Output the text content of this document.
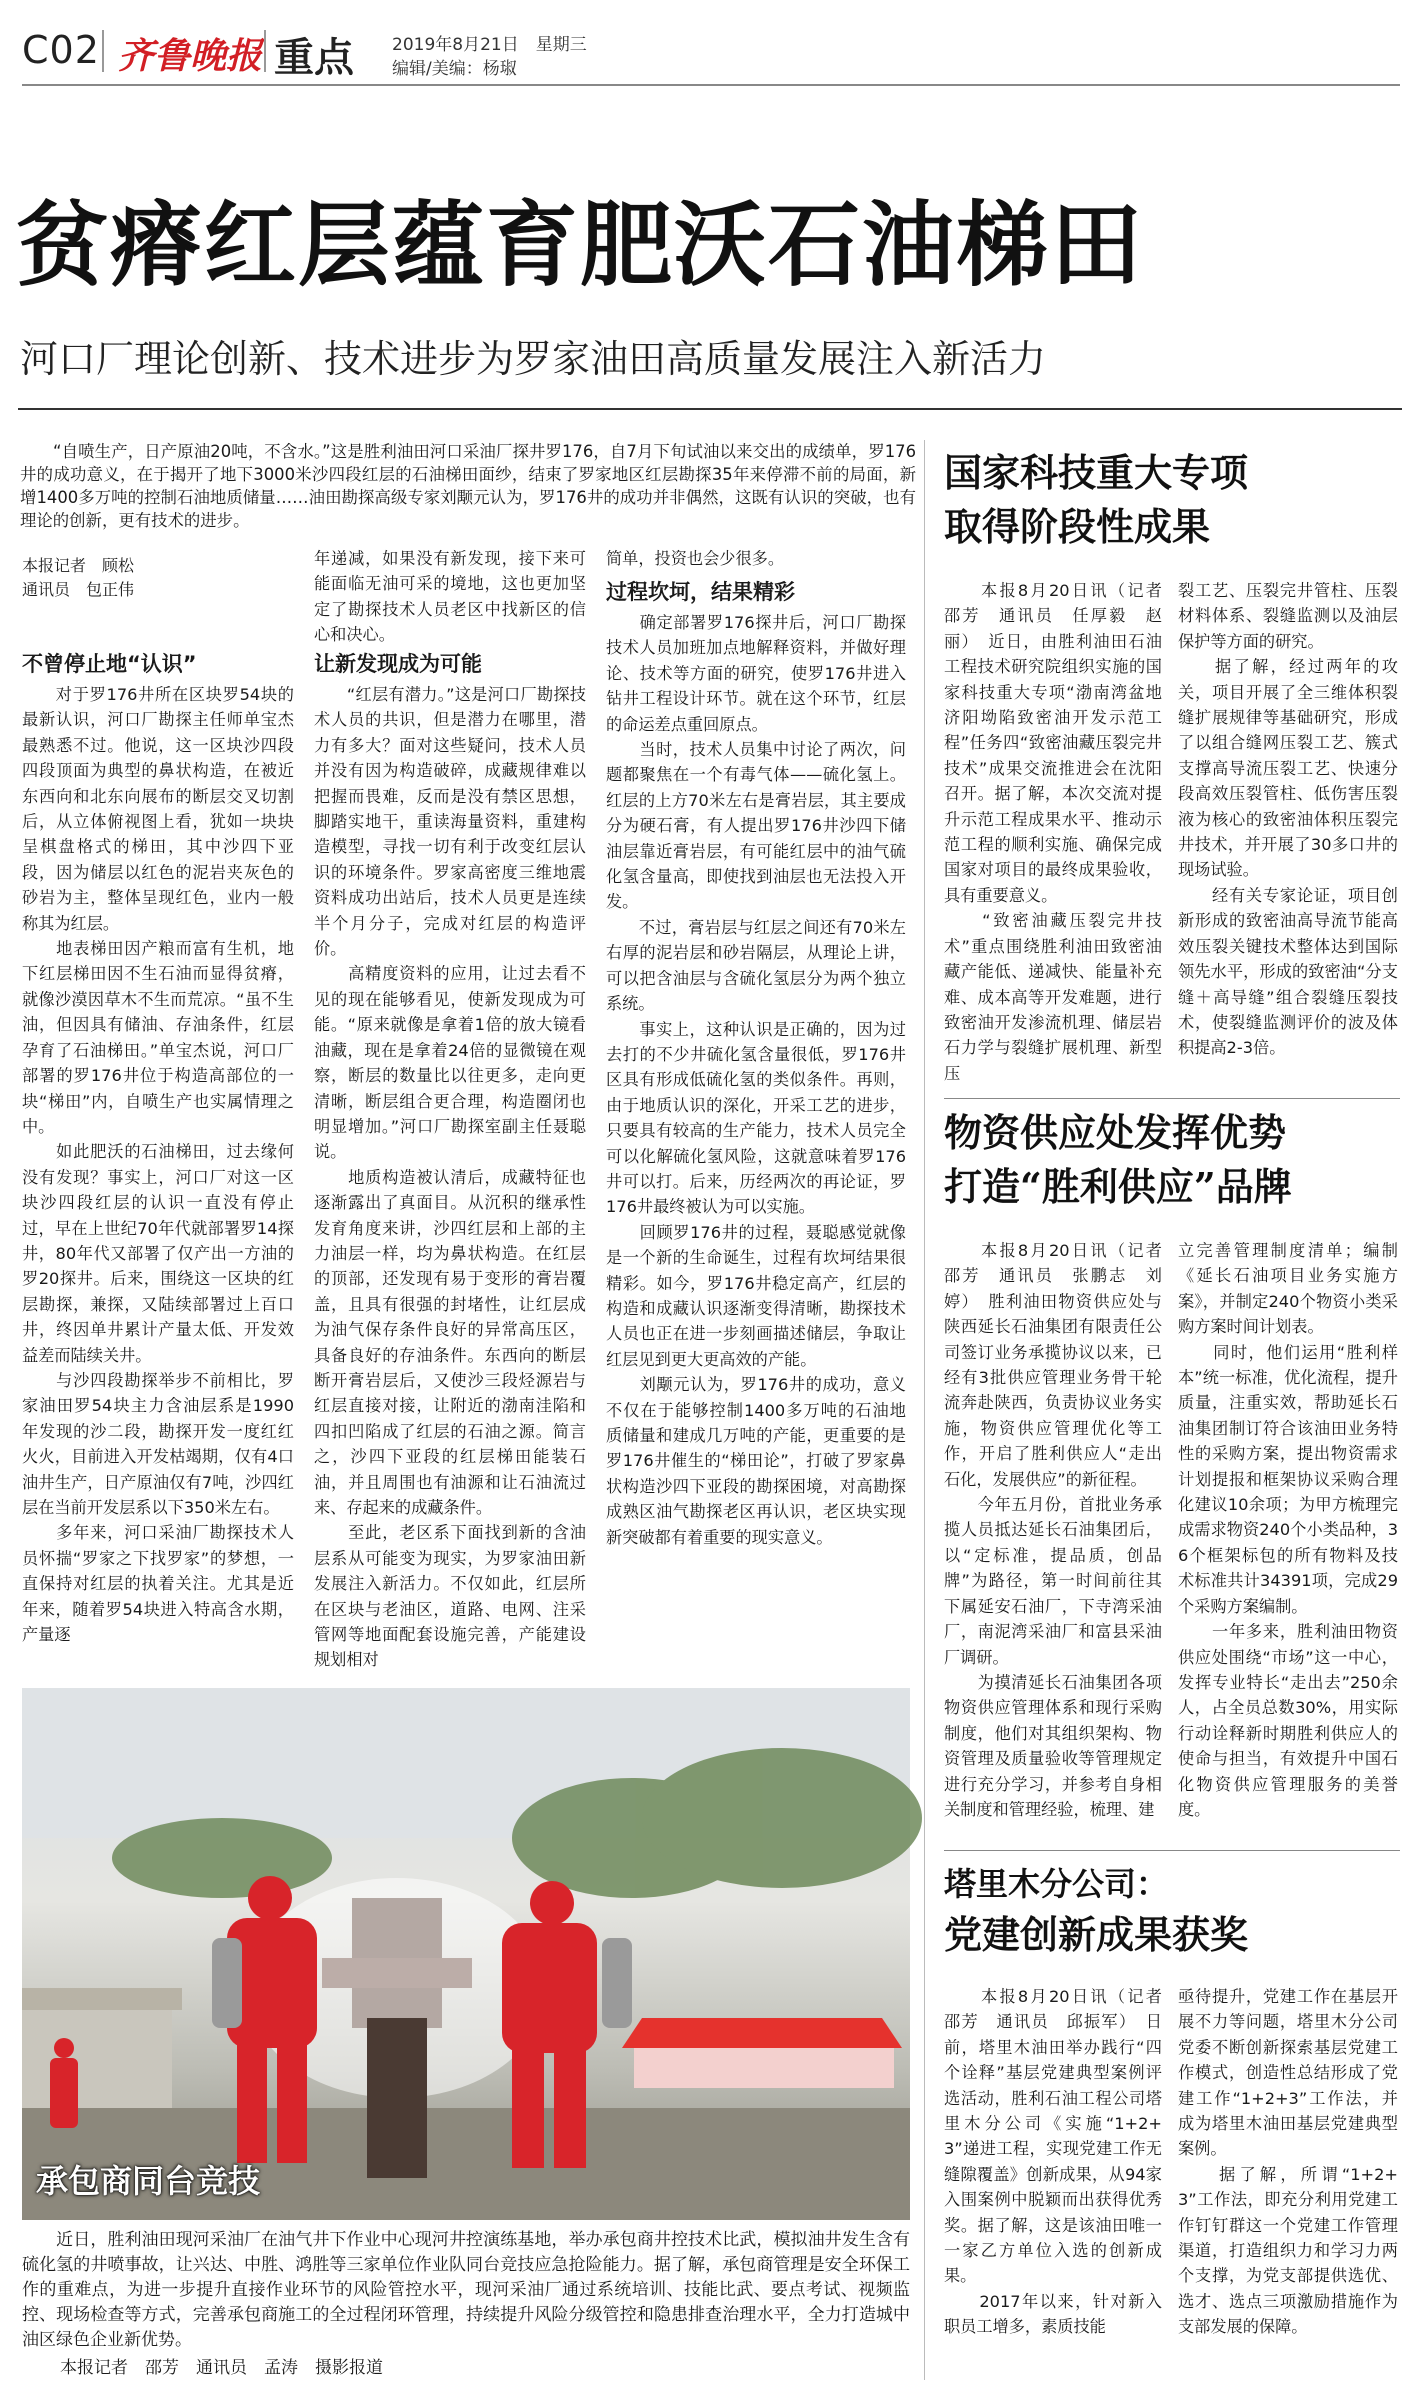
C02 齐鲁晚报 重点 2019年8月21日　星期三
编辑/美编：杨琡
贫瘠红层蕴育肥沃石油梯田
河口厂理论创新、技术进步为罗家油田高质量发展注入新活力
　　“自喷生产，日产原油20吨，不含水。”这是胜利油田河口采油厂探井罗176，自7月下旬试油以来交出的成绩单，罗176井的成功意义，在于揭开了地下3000米沙四段红层的石油梯田面纱，结束了罗家地区红层勘探35年来停滞不前的局面，新增1400多万吨的控制石油地质储量……油田勘探高级专家刘颙元认为，罗176井的成功并非偶然，这既有认识的突破，也有理论的创新，更有技术的进步。
本报记者　顾松
通讯员　包正伟
不曾停止地“认识”
　　对于罗176井所在区块罗54块的最新认识，河口厂勘探主任师单宝杰最熟悉不过。他说，这一区块沙四段四段顶面为典型的鼻状构造，在被近东西向和北东向展布的断层交叉切割后，从立体俯视图上看，犹如一块块呈棋盘格式的梯田，其中沙四下亚段，因为储层以红色的泥岩夹灰色的砂岩为主，整体呈现红色，业内一般称其为红层。
　　地表梯田因产粮而富有生机，地下红层梯田因不生石油而显得贫瘠，就像沙漠因草木不生而荒凉。“虽不生油，但因具有储油、存油条件，红层孕育了石油梯田。”单宝杰说，河口厂部署的罗176井位于构造高部位的一块“梯田”内，自喷生产也实属情理之中。
　　如此肥沃的石油梯田，过去缘何没有发现？事实上，河口厂对这一区块沙四段红层的认识一直没有停止过，早在上世纪70年代就部署罗14探井，80年代又部署了仅产出一方油的罗20探井。后来，围绕这一区块的红层勘探，兼探，又陆续部署过上百口井，终因单井累计产量太低、开发效益差而陆续关井。
　　与沙四段勘探举步不前相比，罗家油田罗54块主力含油层系是1990年发现的沙二段，勘探开发一度红红火火，目前进入开发枯竭期，仅有4口油井生产，日产原油仅有7吨，沙四红层在当前开发层系以下350米左右。
　　多年来，河口采油厂勘探技术人员怀揣“罗家之下找罗家”的梦想，一直保持对红层的执着关注。尤其是近年来，随着罗54块进入特高含水期，产量逐
年递减，如果没有新发现，接下来可能面临无油可采的境地，这也更加坚定了勘探技术人员老区中找新区的信心和决心。
让新发现成为可能
　　“红层有潜力。”这是河口厂勘探技术人员的共识，但是潜力在哪里，潜力有多大？面对这些疑问，技术人员并没有因为构造破碎，成藏规律难以把握而畏难，反而是没有禁区思想，脚踏实地干，重读海量资料，重建构造模型，寻找一切有利于改变红层认识的环境条件。罗家高密度三维地震资料成功出站后，技术人员更是连续半个月分子，完成对红层的构造评价。
　　高精度资料的应用，让过去看不见的现在能够看见，使新发现成为可能。“原来就像是拿着1倍的放大镜看油藏，现在是拿着24倍的显微镜在观察，断层的数量比以往更多，走向更清晰，断层组合更合理，构造圈闭也明显增加。”河口厂勘探室副主任聂聪说。
　　地质构造被认清后，成藏特征也逐渐露出了真面目。从沉积的继承性发育角度来讲，沙四红层和上部的主力油层一样，均为鼻状构造。在红层的顶部，还发现有易于变形的膏岩覆盖，且具有很强的封堵性，让红层成为油气保存条件良好的异常高压区，具备良好的存油条件。东西向的断层断开膏岩层后，又使沙三段烃源岩与红层直接对接，让附近的渤南洼陷和四扣凹陷成了红层的石油之源。简言之，沙四下亚段的红层梯田能装石油，并且周围也有油源和让石油流过来、存起来的成藏条件。
　　至此，老区系下面找到新的含油层系从可能变为现实，为罗家油田新发展注入新活力。不仅如此，红层所在区块与老油区，道路、电网、注采管网等地面配套设施完善，产能建设规划相对
简单，投资也会少很多。
过程坎坷，结果精彩
　　确定部署罗176探井后，河口厂勘探技术人员加班加点地解释资料，并做好理论、技术等方面的研究，使罗176井进入钻井工程设计环节。就在这个环节，红层的命运差点重回原点。
　　当时，技术人员集中讨论了两次，问题都聚焦在一个有毒气体——硫化氢上。红层的上方70米左右是膏岩层，其主要成分为硬石膏，有人提出罗176井沙四下储油层靠近膏岩层，有可能红层中的油气硫化氢含量高，即使找到油层也无法投入开发。
　　不过，膏岩层与红层之间还有70米左右厚的泥岩层和砂岩隔层，从理论上讲，可以把含油层与含硫化氢层分为两个独立系统。
　　事实上，这种认识是正确的，因为过去打的不少井硫化氢含量很低，罗176井区具有形成低硫化氢的类似条件。再则，由于地质认识的深化，开采工艺的进步，只要具有较高的生产能力，技术人员完全可以化解硫化氢风险，这就意味着罗176井可以打。后来，历经两次的再论证，罗176井最终被认为可以实施。
　　回顾罗176井的过程，聂聪感觉就像是一个新的生命诞生，过程有坎坷结果很精彩。如今，罗176井稳定高产，红层的构造和成藏认识逐渐变得清晰，勘探技术人员也正在进一步刻画描述储层，争取让红层见到更大更高效的产能。
　　刘颙元认为，罗176井的成功，意义不仅在于能够控制1400多万吨的石油地质储量和建成几万吨的产能，更重要的是罗176井催生的“梯田论”，打破了罗家鼻状构造沙四下亚段的勘探困境，对高勘探成熟区油气勘探老区再认识，老区块实现新突破都有着重要的现实意义。
承包商同台竞技
　　近日，胜利油田现河采油厂在油气井下作业中心现河井控演练基地，举办承包商井控技术比武，模拟油井发生含有硫化氢的井喷事故，让兴达、中胜、鸿胜等三家单位作业队同台竞技应急抢险能力。据了解，承包商管理是安全环保工作的重难点，为进一步提升直接作业环节的风险管控水平，现河采油厂通过系统培训、技能比武、要点考试、视频监控、现场检查等方式，完善承包商施工的全过程闭环管理，持续提升风险分级管控和隐患排查治理水平，全力打造城中油区绿色企业新优势。
本报记者　邵芳　通讯员　孟涛　摄影报道
国家科技重大专项
取得阶段性成果
　　本报8月20日讯（记者　邵芳　通讯员　任厚毅　赵丽）　近日，由胜利油田石油工程技术研究院组织实施的国家科技重大专项“渤南湾盆地济阳坳陷致密油开发示范工程”任务四“致密油藏压裂完井技术”成果交流推进会在沈阳召开。据了解，本次交流对提升示范工程成果水平、推动示范工程的顺利实施、确保完成国家对项目的最终成果验收，具有重要意义。
　　“致密油藏压裂完井技术”重点围绕胜利油田致密油藏产能低、递减快、能量补充难、成本高等开发难题，进行致密油开发渗流机理、储层岩石力学与裂缝扩展机理、新型压
裂工艺、压裂完井管柱、压裂材料体系、裂缝监测以及油层保护等方面的研究。
　　据了解，经过两年的攻关，项目开展了全三维体积裂缝扩展规律等基础研究，形成了以组合缝网压裂工艺、簇式支撑高导流压裂工艺、快速分段高效压裂管柱、低伤害压裂液为核心的致密油体积压裂完井技术，并开展了30多口井的现场试验。
　　经有关专家论证，项目创新形成的致密油高导流节能高效压裂关键技术整体达到国际领先水平，形成的致密油“分支缝＋高导缝”组合裂缝压裂技术，使裂缝监测评价的波及体积提高2-3倍。
物资供应处发挥优势
打造“胜利供应”品牌
　　本报8月20日讯（记者　邵芳　通讯员　张鹏志　刘婷）　胜利油田物资供应处与陕西延长石油集团有限责任公司签订业务承揽协议以来，已经有3批供应管理业务骨干轮流奔赴陕西，负责协议业务实施，物资供应管理优化等工作，开启了胜利供应人“走出石化，发展供应”的新征程。
　　今年五月份，首批业务承揽人员抵达延长石油集团后，以“定标准，提品质，创品牌”为路径，第一时间前往其下属延安石油厂，下寺湾采油厂，南泥湾采油厂和富县采油厂调研。
　　为摸清延长石油集团各项物资供应管理体系和现行采购制度，他们对其组织架构、物资管理及质量验收等管理规定进行充分学习，并参考自身相关制度和管理经验，梳理、建
立完善管理制度清单；编制《延长石油项目业务实施方案》，并制定240个物资小类采购方案时间计划表。
　　同时，他们运用“胜利样本”统一标准，优化流程，提升质量，注重实效，帮助延长石油集团制订符合该油田业务特性的采购方案，提出物资需求计划提报和框架协议采购合理化建议10余项；为甲方梳理完成需求物资240个小类品种，36个框架标包的所有物料及技术标准共计34391项，完成29个采购方案编制。
　　一年多来，胜利油田物资供应处围绕“市场”这一中心，发挥专业特长“走出去”250余人，占全员总数30%，用实际行动诠释新时期胜利供应人的使命与担当，有效提升中国石化物资供应管理服务的美誉度。
塔里木分公司：
党建创新成果获奖
　　本报8月20日讯（记者　邵芳　通讯员　邱振军）　日前，塔里木油田举办践行“四个诠释”基层党建典型案例评选活动，胜利石油工程公司塔里木分公司《实施“1+2+3”递进工程，实现党建工作无缝隙覆盖》创新成果，从94家入围案例中脱颖而出获得优秀奖。据了解，这是该油田唯一一家乙方单位入选的创新成果。
　　2017年以来，针对新入职员工增多，素质技能
亟待提升，党建工作在基层开展不力等问题，塔里木分公司党委不断创新探索基层党建工作模式，创造性总结形成了党建工作“1+2+3”工作法，并成为塔里木油田基层党建典型案例。
　　据了解，所谓“1+2+3”工作法，即充分利用党建工作钉钉群这一个党建工作管理渠道，打造组织力和学习力两个支撑，为党支部提供选优、选才、选点三项激励措施作为支部发展的保障。
